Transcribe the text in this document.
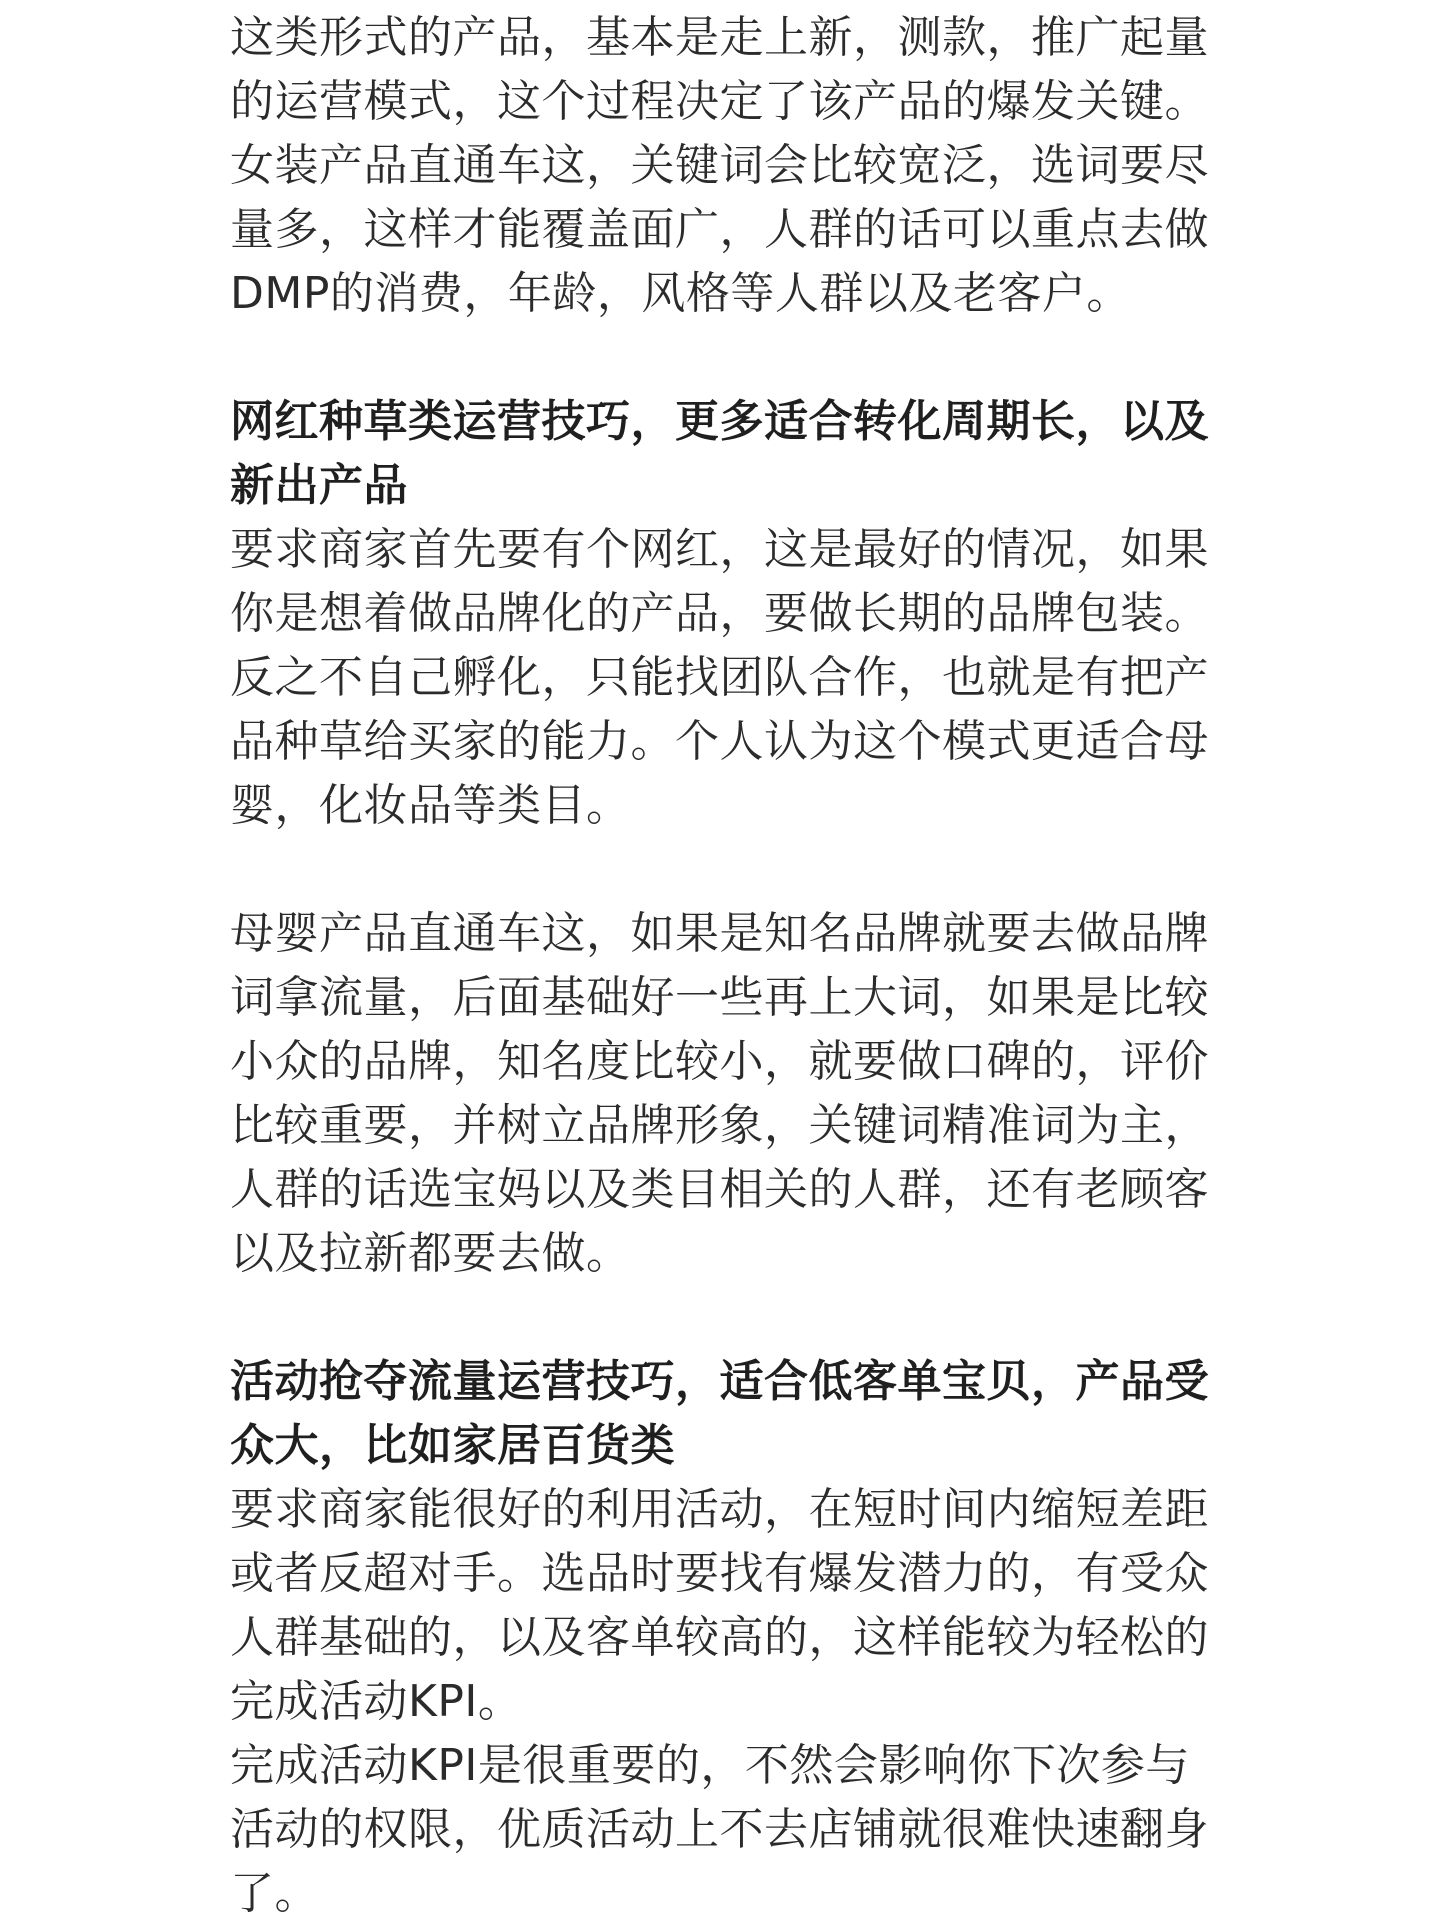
这类形式的产品，基本是走上新，测款，推广起量
的运营模式，这个过程决定了该产品的爆发关键。
女装产品直通车这，关键词会比较宽泛，选词要尽
量多，这样才能覆盖面广，人群的话可以重点去做
DMP的消费，年龄，风格等人群以及老客户。

网红种草类运营技巧，更多适合转化周期长，以及
新出产品

要求商家首先要有个网红，这是最好的情况，如果
你是想着做品牌化的产品，要做长期的品牌包装。
反之不自己孵化，只能找团队合作，也就是有把产
品种草给买家的能力。个人认为这个模式更适合母
婴，化妆品等类目。

母婴产品直通车这，如果是知名品牌就要去做品牌
词拿流量，后面基础好一些再上大词，如果是比较
小众的品牌，知名度比较小，就要做口碑的，评价
比较重要，并树立品牌形象，关键词精准词为主，
人群的话选宝妈以及类目相关的人群，还有老顾客
以及拉新都要去做。

活动抢夺流量运营技巧，适合低客单宝贝，产品受
众大，比如家居百货类

要求商家能很好的利用活动，在短时间内缩短差距
或者反超对手。选品时要找有爆发潜力的，有受众
人群基础的，以及客单较高的，这样能较为轻松的
完成活动KPI。

完成活动KPI是很重要的，不然会影响你下次参与
活动的权限，优质活动上不去店铺就很难快速翻身
了。
